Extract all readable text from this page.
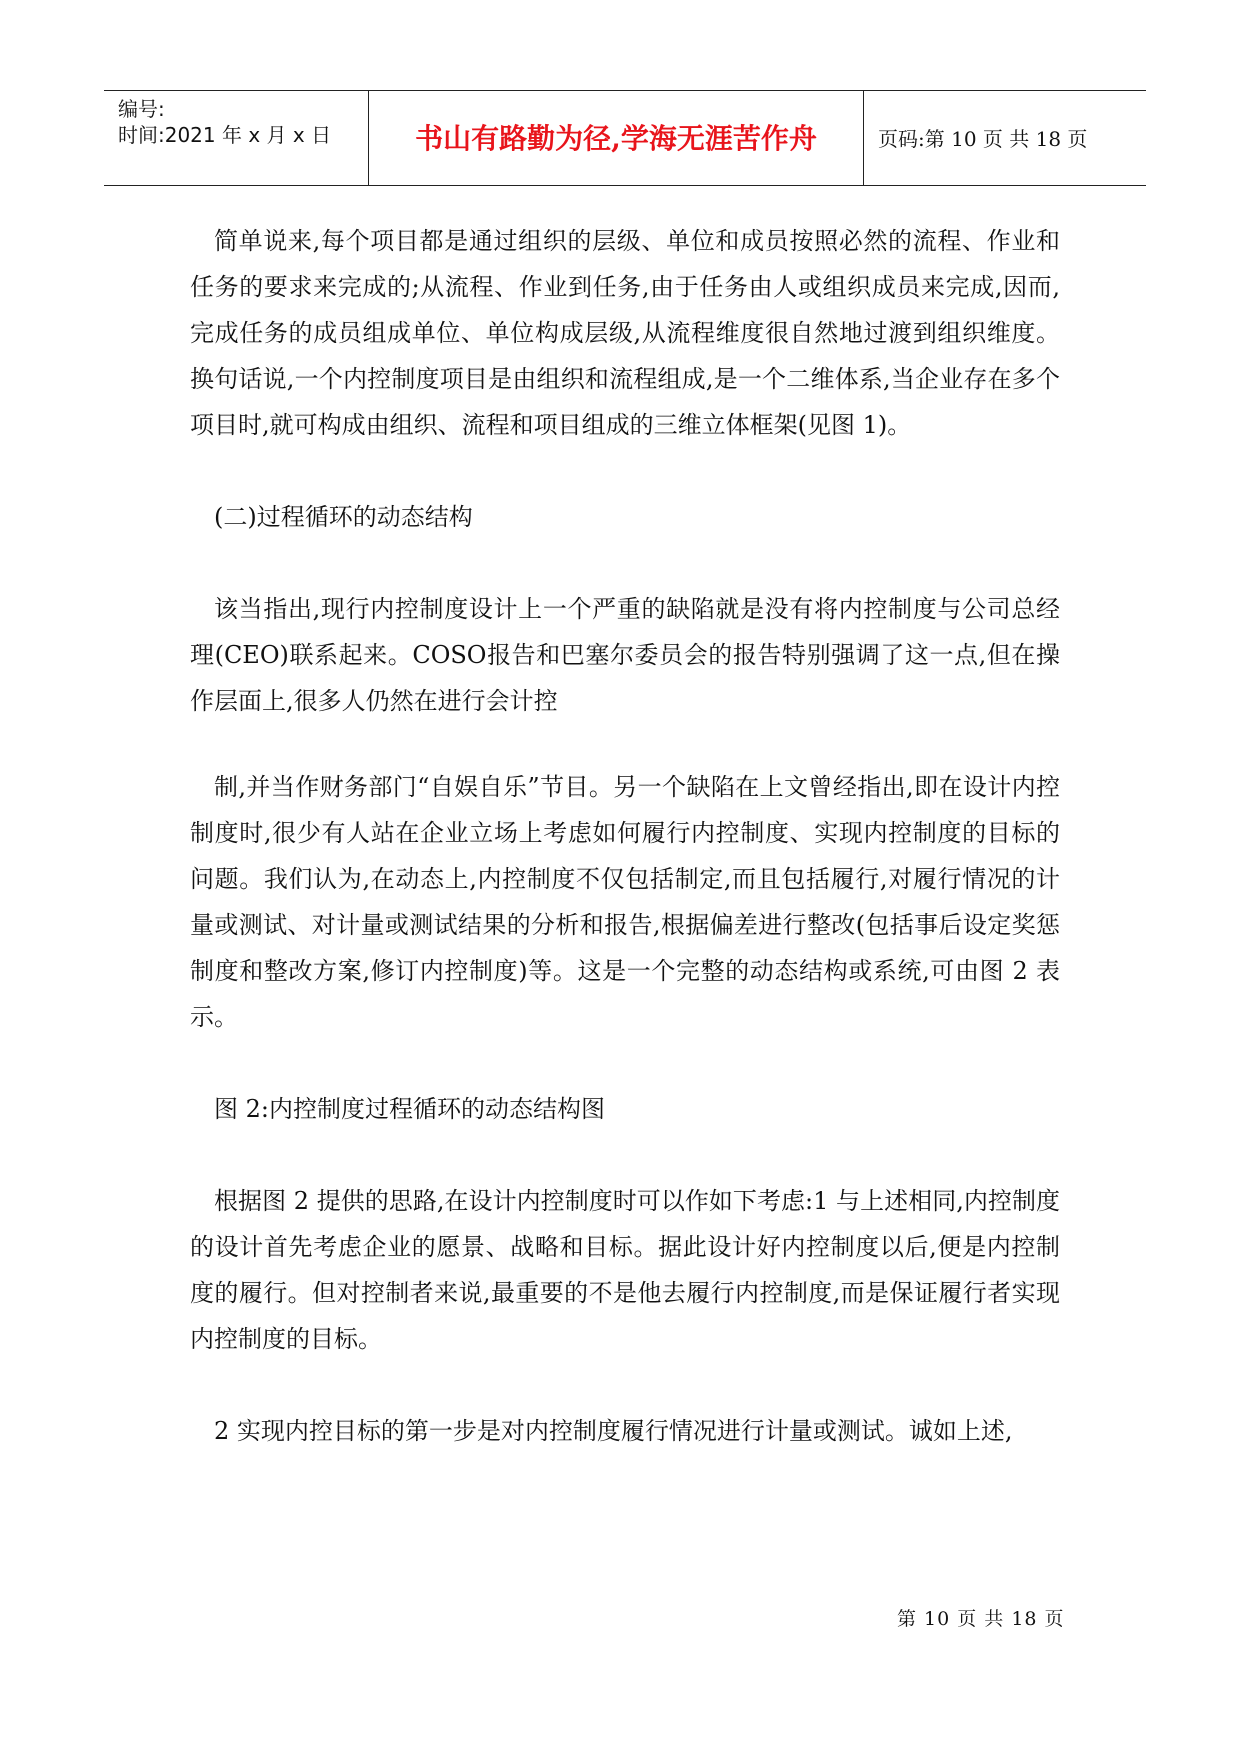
编号:
时间:2021 年 x 月 x 日	书山有路勤为径,学海无涯苦作舟	页码:第 10 页 共 18 页

简单说来,每个项目都是通过组织的层级、单位和成员按照必然的流程、作业和任务的要求来完成的;从流程、作业到任务,由于任务由人或组织成员来完成,因而,完成任务的成员组成单位、单位构成层级,从流程维度很自然地过渡到组织维度。换句话说,一个内控制度项目是由组织和流程组成,是一个二维体系,当企业存在多个项目时,就可构成由组织、流程和项目组成的三维立体框架(见图 1)。

(二)过程循环的动态结构

该当指出,现行内控制度设计上一个严重的缺陷就是没有将内控制度与公司总经理(CEO)联系起来。COSO报告和巴塞尔委员会的报告特别强调了这一点,但在操作层面上,很多人仍然在进行会计控

制,并当作财务部门“自娱自乐”节目。另一个缺陷在上文曾经指出,即在设计内控制度时,很少有人站在企业立场上考虑如何履行内控制度、实现内控制度的目标的问题。我们认为,在动态上,内控制度不仅包括制定,而且包括履行,对履行情况的计量或测试、对计量或测试结果的分析和报告,根据偏差进行整改(包括事后设定奖惩制度和整改方案,修订内控制度)等。这是一个完整的动态结构或系统,可由图 2 表示。

图 2:内控制度过程循环的动态结构图

根据图 2 提供的思路,在设计内控制度时可以作如下考虑:1 与上述相同,内控制度的设计首先考虑企业的愿景、战略和目标。据此设计好内控制度以后,便是内控制度的履行。但对控制者来说,最重要的不是他去履行内控制度,而是保证履行者实现内控制度的目标。

2 实现内控目标的第一步是对内控制度履行情况进行计量或测试。诚如上述,

第 10 页 共 18 页
